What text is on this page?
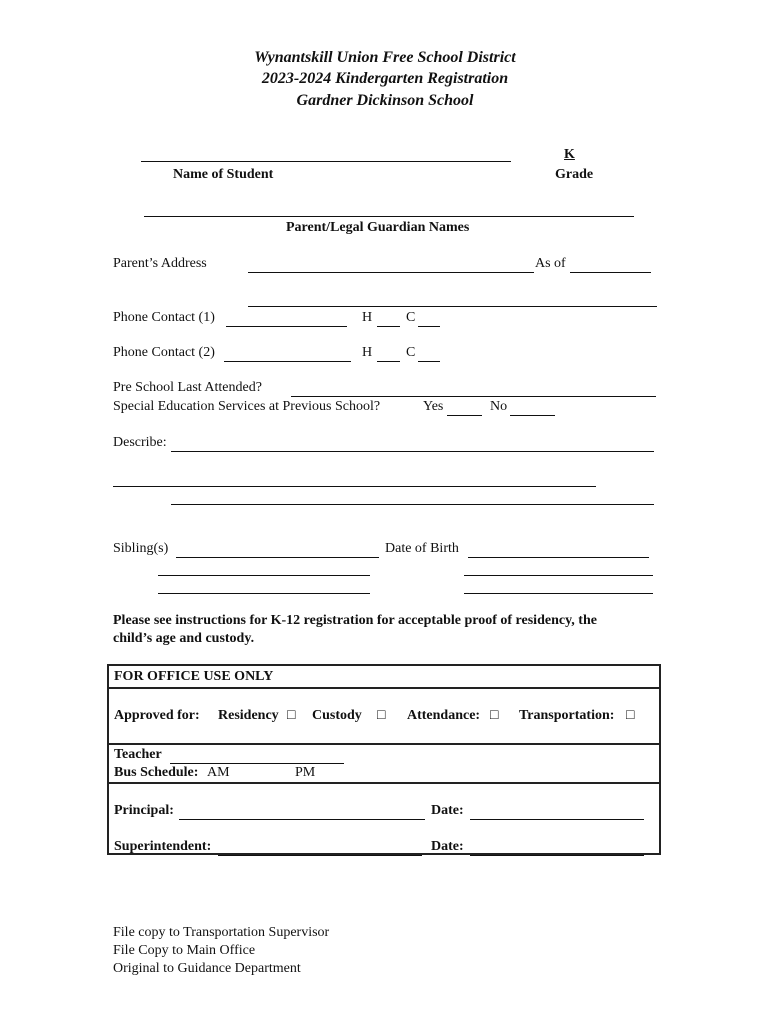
Wynantskill Union Free School District
2023-2024 Kindergarten Registration
Gardner Dickinson School
Name of Student
K
Grade
Parent/Legal Guardian Names
Parent’s Address	As of
Phone Contact (1)	H C
Phone Contact (2)	H C
Pre School Last Attended?
Special Education Services at Previous School?	Yes	No
Describe:
Sibling(s)	Date of Birth
Please see instructions for K-12 registration for acceptable proof of residency, the
child’s age and custody.
FOR OFFICE USE ONLY
Approved for: Residency □ Custody □ Attendance: □ Transportation: □
Teacher
Bus Schedule: AM	PM
Principal:	Date:
Superintendent:	Date:
File copy to Transportation Supervisor
File Copy to Main Office
Original to Guidance Department
